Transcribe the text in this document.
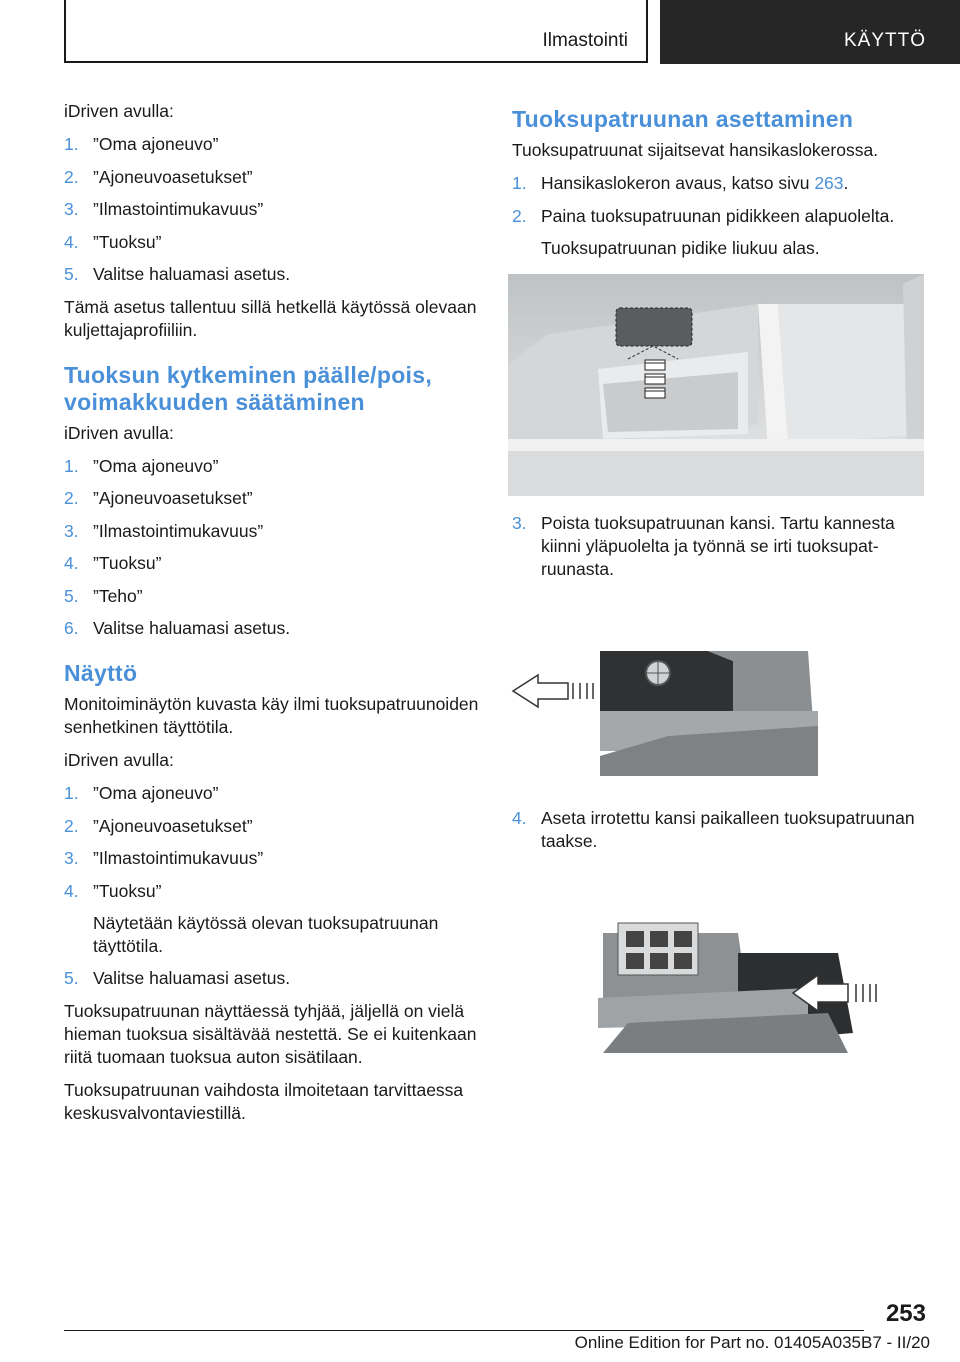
Ilmastointi	KÄYTTÖ

iDriven avulla:

1. ”Oma ajoneuvo”
2. ”Ajoneuvoasetukset”
3. ”Ilmastointimukavuus”
4. ”Tuoksu”
5. Valitse haluamasi asetus.

Tämä asetus tallentuu sillä hetkellä käytössä olevaan kuljettajaprofiiliin.

Tuoksun kytkeminen päälle/pois, voimakkuuden säätäminen

iDriven avulla:

1. ”Oma ajoneuvo”
2. ”Ajoneuvoasetukset”
3. ”Ilmastointimukavuus”
4. ”Tuoksu”
5. ”Teho”
6. Valitse haluamasi asetus.
Näyttö

Monitoiminäytön kuvasta käy ilmi tuoksupatruunoiden senhetkinen täyttötila.

iDriven avulla:

1. ”Oma ajoneuvo”
2. ”Ajoneuvoasetukset”
3. ”Ilmastointimukavuus”
4. ”Tuoksu”
Näytetään käytössä olevan tuoksupatruunan täyttötila.
5. Valitse haluamasi asetus.

Tuoksupatruunan näyttäessä tyhjää, jäljellä on vielä hieman tuoksua sisältävää nestettä. Se ei kuitenkaan riitä tuomaan tuoksua auton sisätilaan.

Tuoksupatruunan vaihdosta ilmoitetaan tarvittaessa keskusvalvontaviestillä.

Tuoksupatruunan asettaminen

Tuoksupatruunat sijaitsevat hansikaslokerossa.

1. Hansikaslokeron avaus, katso sivu 263.
2. Paina tuoksupatruunan pidikkeen alapuolelta.
Tuoksupatruunan pidike liukuu alas.
3. Poista tuoksupatruunan kansi. Tartu kannesta kiinni yläpuolelta ja työnnä se irti tuoksupatruunasta.
4. Aseta irrotettu kansi paikalleen tuoksupatruunan taakse.
253
Online Edition for Part no. 01405A035B7 - II/20
